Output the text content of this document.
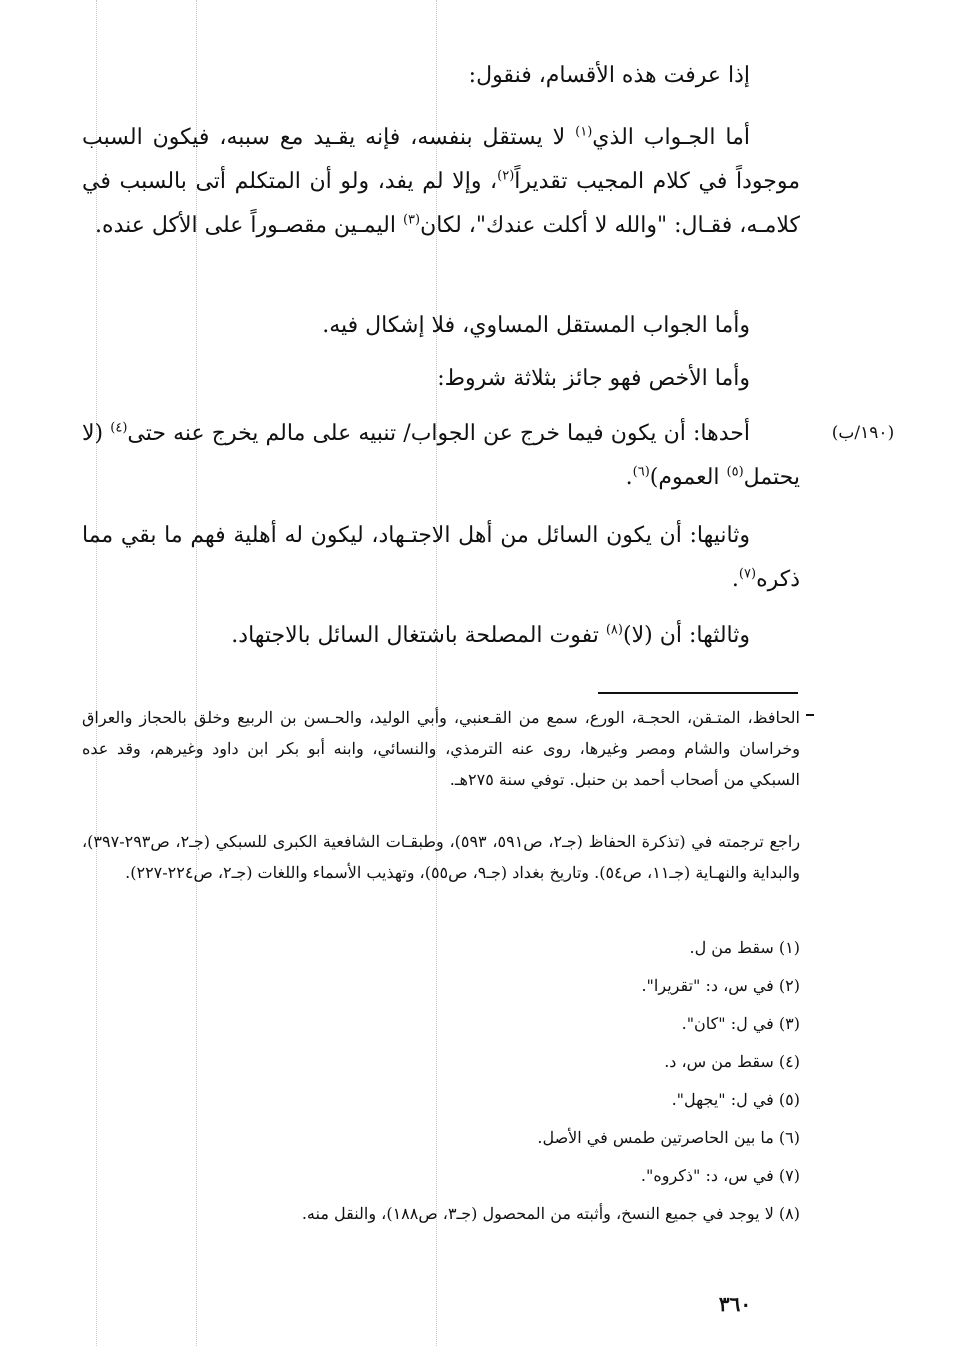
إذا عرفت هذه الأقسام، فنقول:

أما الجـواب الذي$^{(١)}$ لا يستقل بنفسه، فإنه يقـيد مع سببه، فيكون السبب موجوداً في كلام المجيب تقديراً$^{(٢)}$، وإلا لم يفد، ولو أن المتكلم أتى بالسبب في كلامـه، فقـال: "والله لا أكلت عندك"، لكان$^{(٣)}$ اليمـين مقصـوراً على الأكل عنده.

وأما الجواب المستقل المساوي، فلا إشكال فيه.

وأما الأخص فهو جائز بثلاثة شروط:

(١٩٠/ب)

أحدها: أن يكون فيما خرج عن الجواب/ تنبيه على مالم يخرج عنه حتى$^{(٤)}$ (لا يحتمل$^{(٥)}$ العموم)$^{(٦)}$.

وثانيها: أن يكون السائل من أهل الاجتـهاد، ليكون له أهلية فهم ما بقي مما ذكره$^{(٧)}$.

وثالثها: أن (لا)$^{(٨)}$ تفوت المصلحة باشتغال السائل بالاجتهاد.

الحافظ، المتـقن، الحجـة، الورع، سمع من القـعنبي، وأبي الوليد، والحـسن بن الربيع وخلق بالحجاز والعراق وخراسان والشام ومصر وغيرها، روى عنه الترمذي، والنسائي، وابنه أبو بكر ابن داود وغيرهم، وقد عده السبكي من أصحاب أحمد بن حنبل. توفي سنة ٢٧٥هـ.

راجع ترجمته في (تذكرة الحفاظ (جـ٢، ص٥٩١، ٥٩٣)، وطبقـات الشافعية الكبرى للسبكي (جـ٢، ص٢٩٣-٣٩٧)، والبداية والنهـاية (جـ١١، ص٥٤). وتاريخ بغداد (جـ٩، ص٥٥)، وتهذيب الأسماء واللغات (جـ٢، ص٢٢٤-٢٢٧).

(١) سقط من ل.
(٢) في س، د: "تقريرا".
(٣) في ل: "كان".
(٤) سقط من س، د.
(٥) في ل: "يجهل".
(٦) ما بين الحاصرتين طمس في الأصل.
(٧) في س، د: "ذكروه".
(٨) لا يوجد في جميع النسخ، وأثبته من المحصول (جـ٣، ص١٨٨)، والنقل منه.
٣٦٠
